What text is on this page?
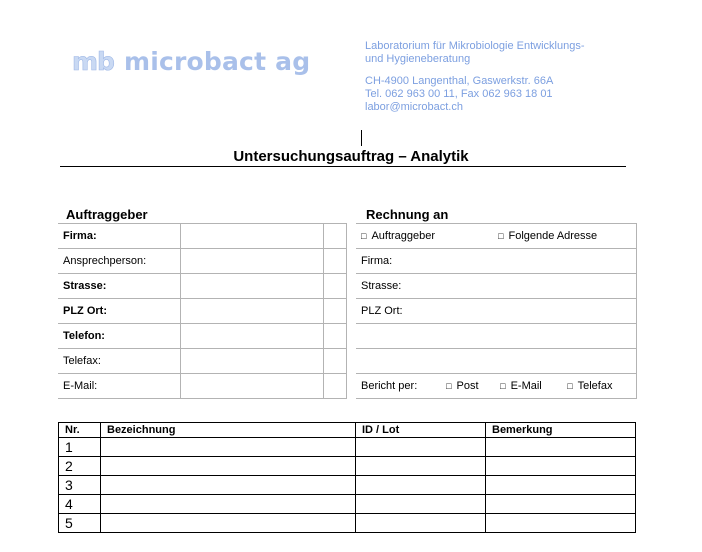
mb microbact ag
Laboratorium für Mikrobiologie Entwicklungs-
und Hygieneberatung
CH-4900 Langenthal, Gaswerkstr. 66A
Tel. 062 963 00 11, Fax 062 963 18 01
labor@microbact.ch
Untersuchungsauftrag – Analytik
Auftraggeber	Rechnung an
Firma:		
Ansprechperson:		
Strasse:		
PLZ Ort:		
Telefon:		
Telefax:		
E-Mail:		
□ Auftraggeber	□ Folgende Adresse
Firma:
Strasse:
PLZ Ort:

Bericht per:	□ Post □ E-Mail	□ Telefax
Nr.	Bezeichnung	ID / Lot	Bemerkung
1			
2			
3			
4			
5			
